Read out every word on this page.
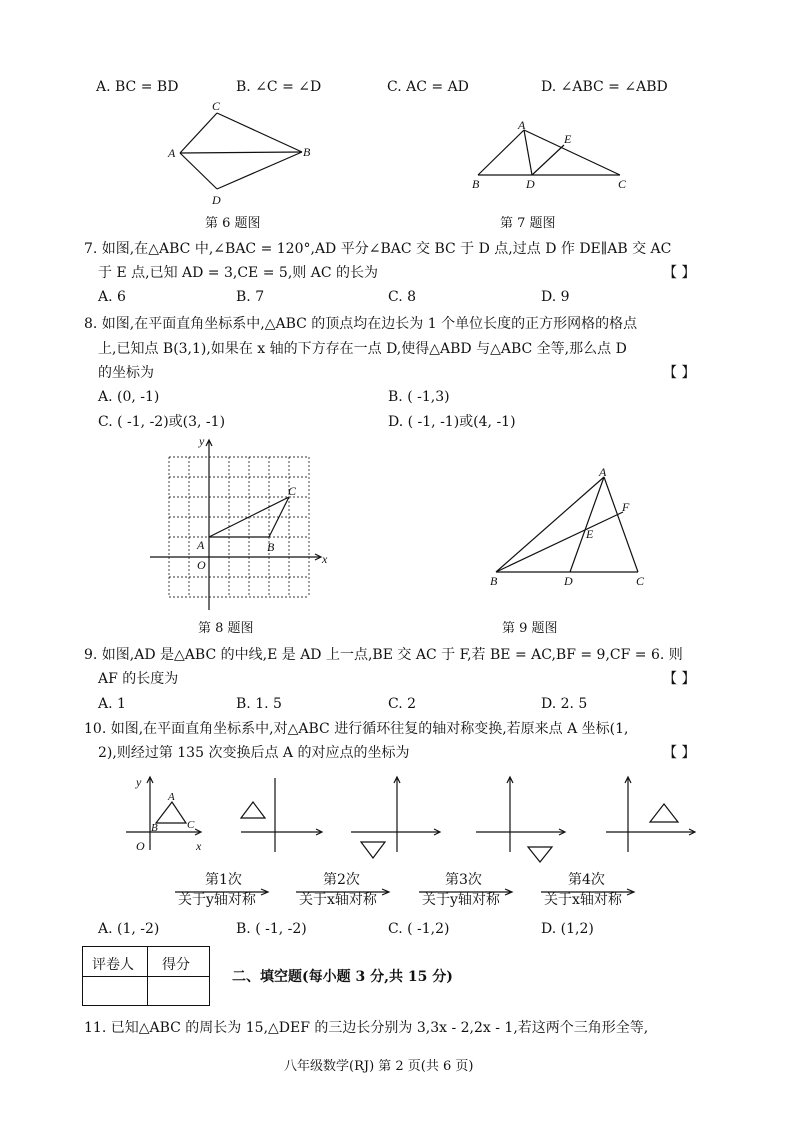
A. BC = BD	B. ∠C = ∠D	C. AC = AD	D. ∠ABC = ∠ABD
C
A	B
D
第 6 题图
A
E
B	D	C
第 7 题图
7. 如图,在△ABC 中,∠BAC = 120°,AD 平分∠BAC 交 BC 于 D 点,过点 D 作 DE∥AB 交 AC
于 E 点,已知 AD = 3,CE = 5,则 AC 的长为	【 】
A. 6	B. 7	C. 8	D. 9
8. 如图,在平面直角坐标系中,△ABC 的顶点均在边长为 1 个单位长度的正方形网格的格点
上,已知点 B(3,1),如果在 x 轴的下方存在一点 D,使得△ABD 与△ABC 全等,那么点 D
的坐标为	【 】
A. (0, -1)	B. ( -1,3)
C. ( -1, -2)或(3, -1)	D. ( -1, -1)或(4, -1)
y
x
A
O
B
C
第 8 题图
A
F
E
B	D	C
第 9 题图
9. 如图,AD 是△ABC 的中线,E 是 AD 上一点,BE 交 AC 于 F,若 BE = AC,BF = 9,CF = 6. 则
AF 的长度为	【 】
A. 1	B. 1. 5	C. 2	D. 2. 5
10. 如图,在平面直角坐标系中,对△ABC 进行循环往复的轴对称变换,若原来点 A 坐标(1,
2),则经过第 135 次变换后点 A 的对应点的坐标为	【 】
y
x
O
A
B	C
第1次
关于y轴对称
第2次
关于x轴对称
第3次
关于y轴对称
第4次
关于x轴对称
A. (1, -2)	B. ( -1, -2)	C. ( -1,2)	D. (1,2)
评卷人 得分
二、填空题(每小题 3 分,共 15 分)
11. 已知△ABC 的周长为 15,△DEF 的三边长分别为 3,3x - 2,2x - 1,若这两个三角形全等,
八年级数学(RJ) 第 2 页(共 6 页)
